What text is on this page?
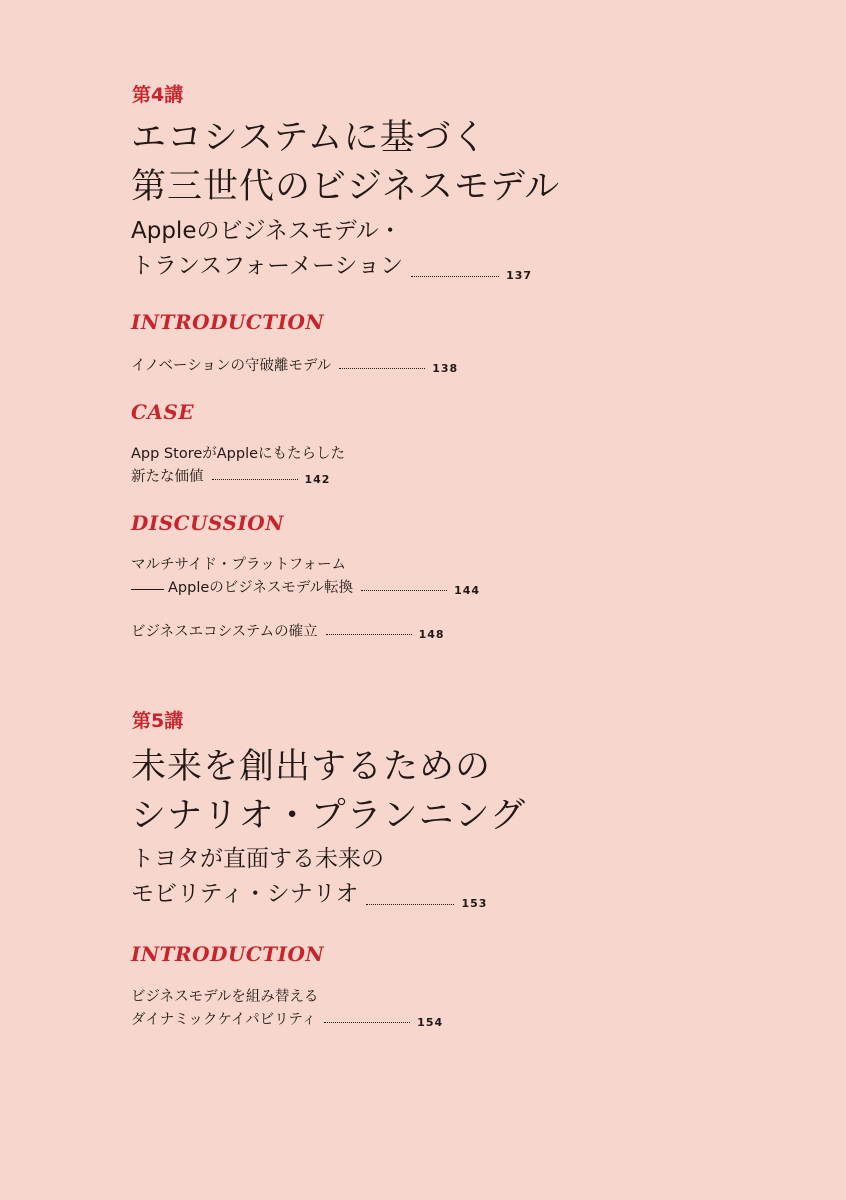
第4講
エコシステムに基づく
第三世代のビジネスモデル
Appleのビジネスモデル・
トランスフォーメーション	137
INTRODUCTION
イノベーションの守破離モデル	138
CASE
App StoreがAppleにもたらした
新たな価値	142
DISCUSSION
マルチサイド・プラットフォーム
Appleのビジネスモデル転換	144
ビジネスエコシステムの確立	148
第5講
未来を創出するための
シナリオ・プランニング
トヨタが直面する未来の
モビリティ・シナリオ	153
INTRODUCTION
ビジネスモデルを組み替える
ダイナミックケイパビリティ	154
